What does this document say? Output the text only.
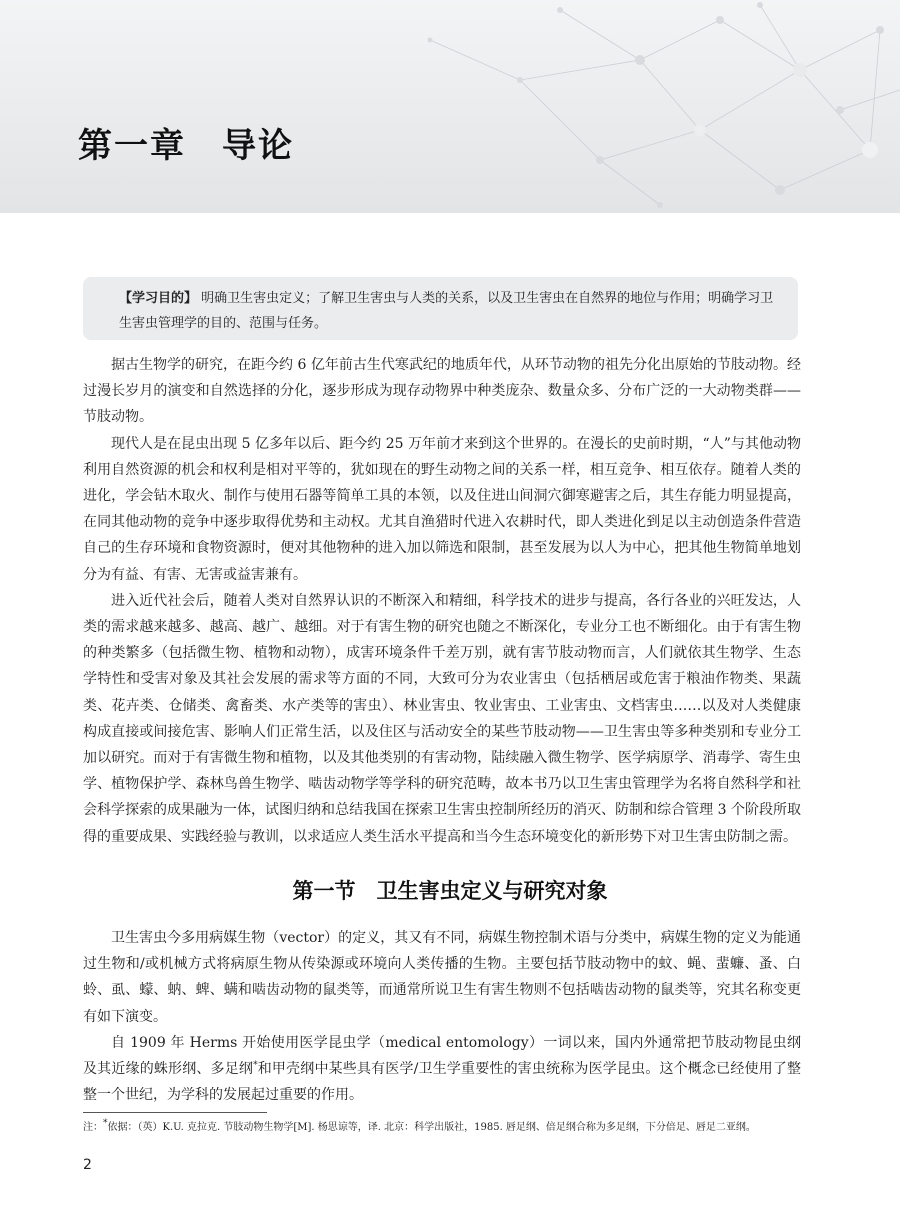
第一章　导论
【学习目的】 明确卫生害虫定义；了解卫生害虫与人类的关系，以及卫生害虫在自然界的地位与作用；明确学习卫生害虫管理学的目的、范围与任务。

据古生物学的研究，在距今约 6 亿年前古生代寒武纪的地质年代，从环节动物的祖先分化出原始的节肢动物。经过漫长岁月的演变和自然选择的分化，逐步形成为现存动物界中种类庞杂、数量众多、分布广泛的一大动物类群——节肢动物。

现代人是在昆虫出现 5 亿多年以后、距今约 25 万年前才来到这个世界的。在漫长的史前时期，“人”与其他动物利用自然资源的机会和权利是相对平等的，犹如现在的野生动物之间的关系一样，相互竞争、相互依存。随着人类的进化，学会钻木取火、制作与使用石器等简单工具的本领，以及住进山间洞穴御寒避害之后，其生存能力明显提高，在同其他动物的竞争中逐步取得优势和主动权。尤其自渔猎时代进入农耕时代，即人类进化到足以主动创造条件营造自己的生存环境和食物资源时，便对其他物种的进入加以筛选和限制，甚至发展为以人为中心，把其他生物简单地划分为有益、有害、无害或益害兼有。

进入近代社会后，随着人类对自然界认识的不断深入和精细，科学技术的进步与提高，各行各业的兴旺发达，人类的需求越来越多、越高、越广、越细。对于有害生物的研究也随之不断深化，专业分工也不断细化。由于有害生物的种类繁多（包括微生物、植物和动物），成害环境条件千差万别，就有害节肢动物而言，人们就依其生物学、生态学特性和受害对象及其社会发展的需求等方面的不同，大致可分为农业害虫（包括栖居或危害于粮油作物类、果蔬类、花卉类、仓储类、禽畜类、水产类等的害虫）、林业害虫、牧业害虫、工业害虫、文档害虫……以及对人类健康构成直接或间接危害、影响人们正常生活，以及住区与活动安全的某些节肢动物——卫生害虫等多种类别和专业分工加以研究。而对于有害微生物和植物，以及其他类别的有害动物，陆续融入微生物学、医学病原学、消毒学、寄生虫学、植物保护学、森林鸟兽生物学、啮齿动物学等学科的研究范畴，故本书乃以卫生害虫管理学为名将自然科学和社会科学探索的成果融为一体，试图归纳和总结我国在探索卫生害虫控制所经历的消灭、防制和综合管理 3 个阶段所取得的重要成果、实践经验与教训，以求适应人类生活水平提高和当今生态环境变化的新形势下对卫生害虫防制之需。

第一节　卫生害虫定义与研究对象

卫生害虫今多用病媒生物（vector）的定义，其又有不同，病媒生物控制术语与分类中，病媒生物的定义为能通过生物和/或机械方式将病原生物从传染源或环境向人类传播的生物。主要包括节肢动物中的蚊、蝇、蜚蠊、蚤、白蛉、虱、蠓、蚋、蜱、螨和啮齿动物的鼠类等，而通常所说卫生有害生物则不包括啮齿动物的鼠类等，究其名称变更有如下演变。

自 1909 年 Herms 开始使用医学昆虫学（medical entomology）一词以来，国内外通常把节肢动物昆虫纲及其近缘的蛛形纲、多足纲*和甲壳纲中某些具有医学/卫生学重要性的害虫统称为医学昆虫。这个概念已经使用了整整一个世纪，为学科的发展起过重要的作用。

注：*依据：（英）K.U. 克拉克. 节肢动物生物学[M]. 杨思谅等，译. 北京：科学出版社，1985. 唇足纲、倍足纲合称为多足纲，下分倍足、唇足二亚纲。
2
